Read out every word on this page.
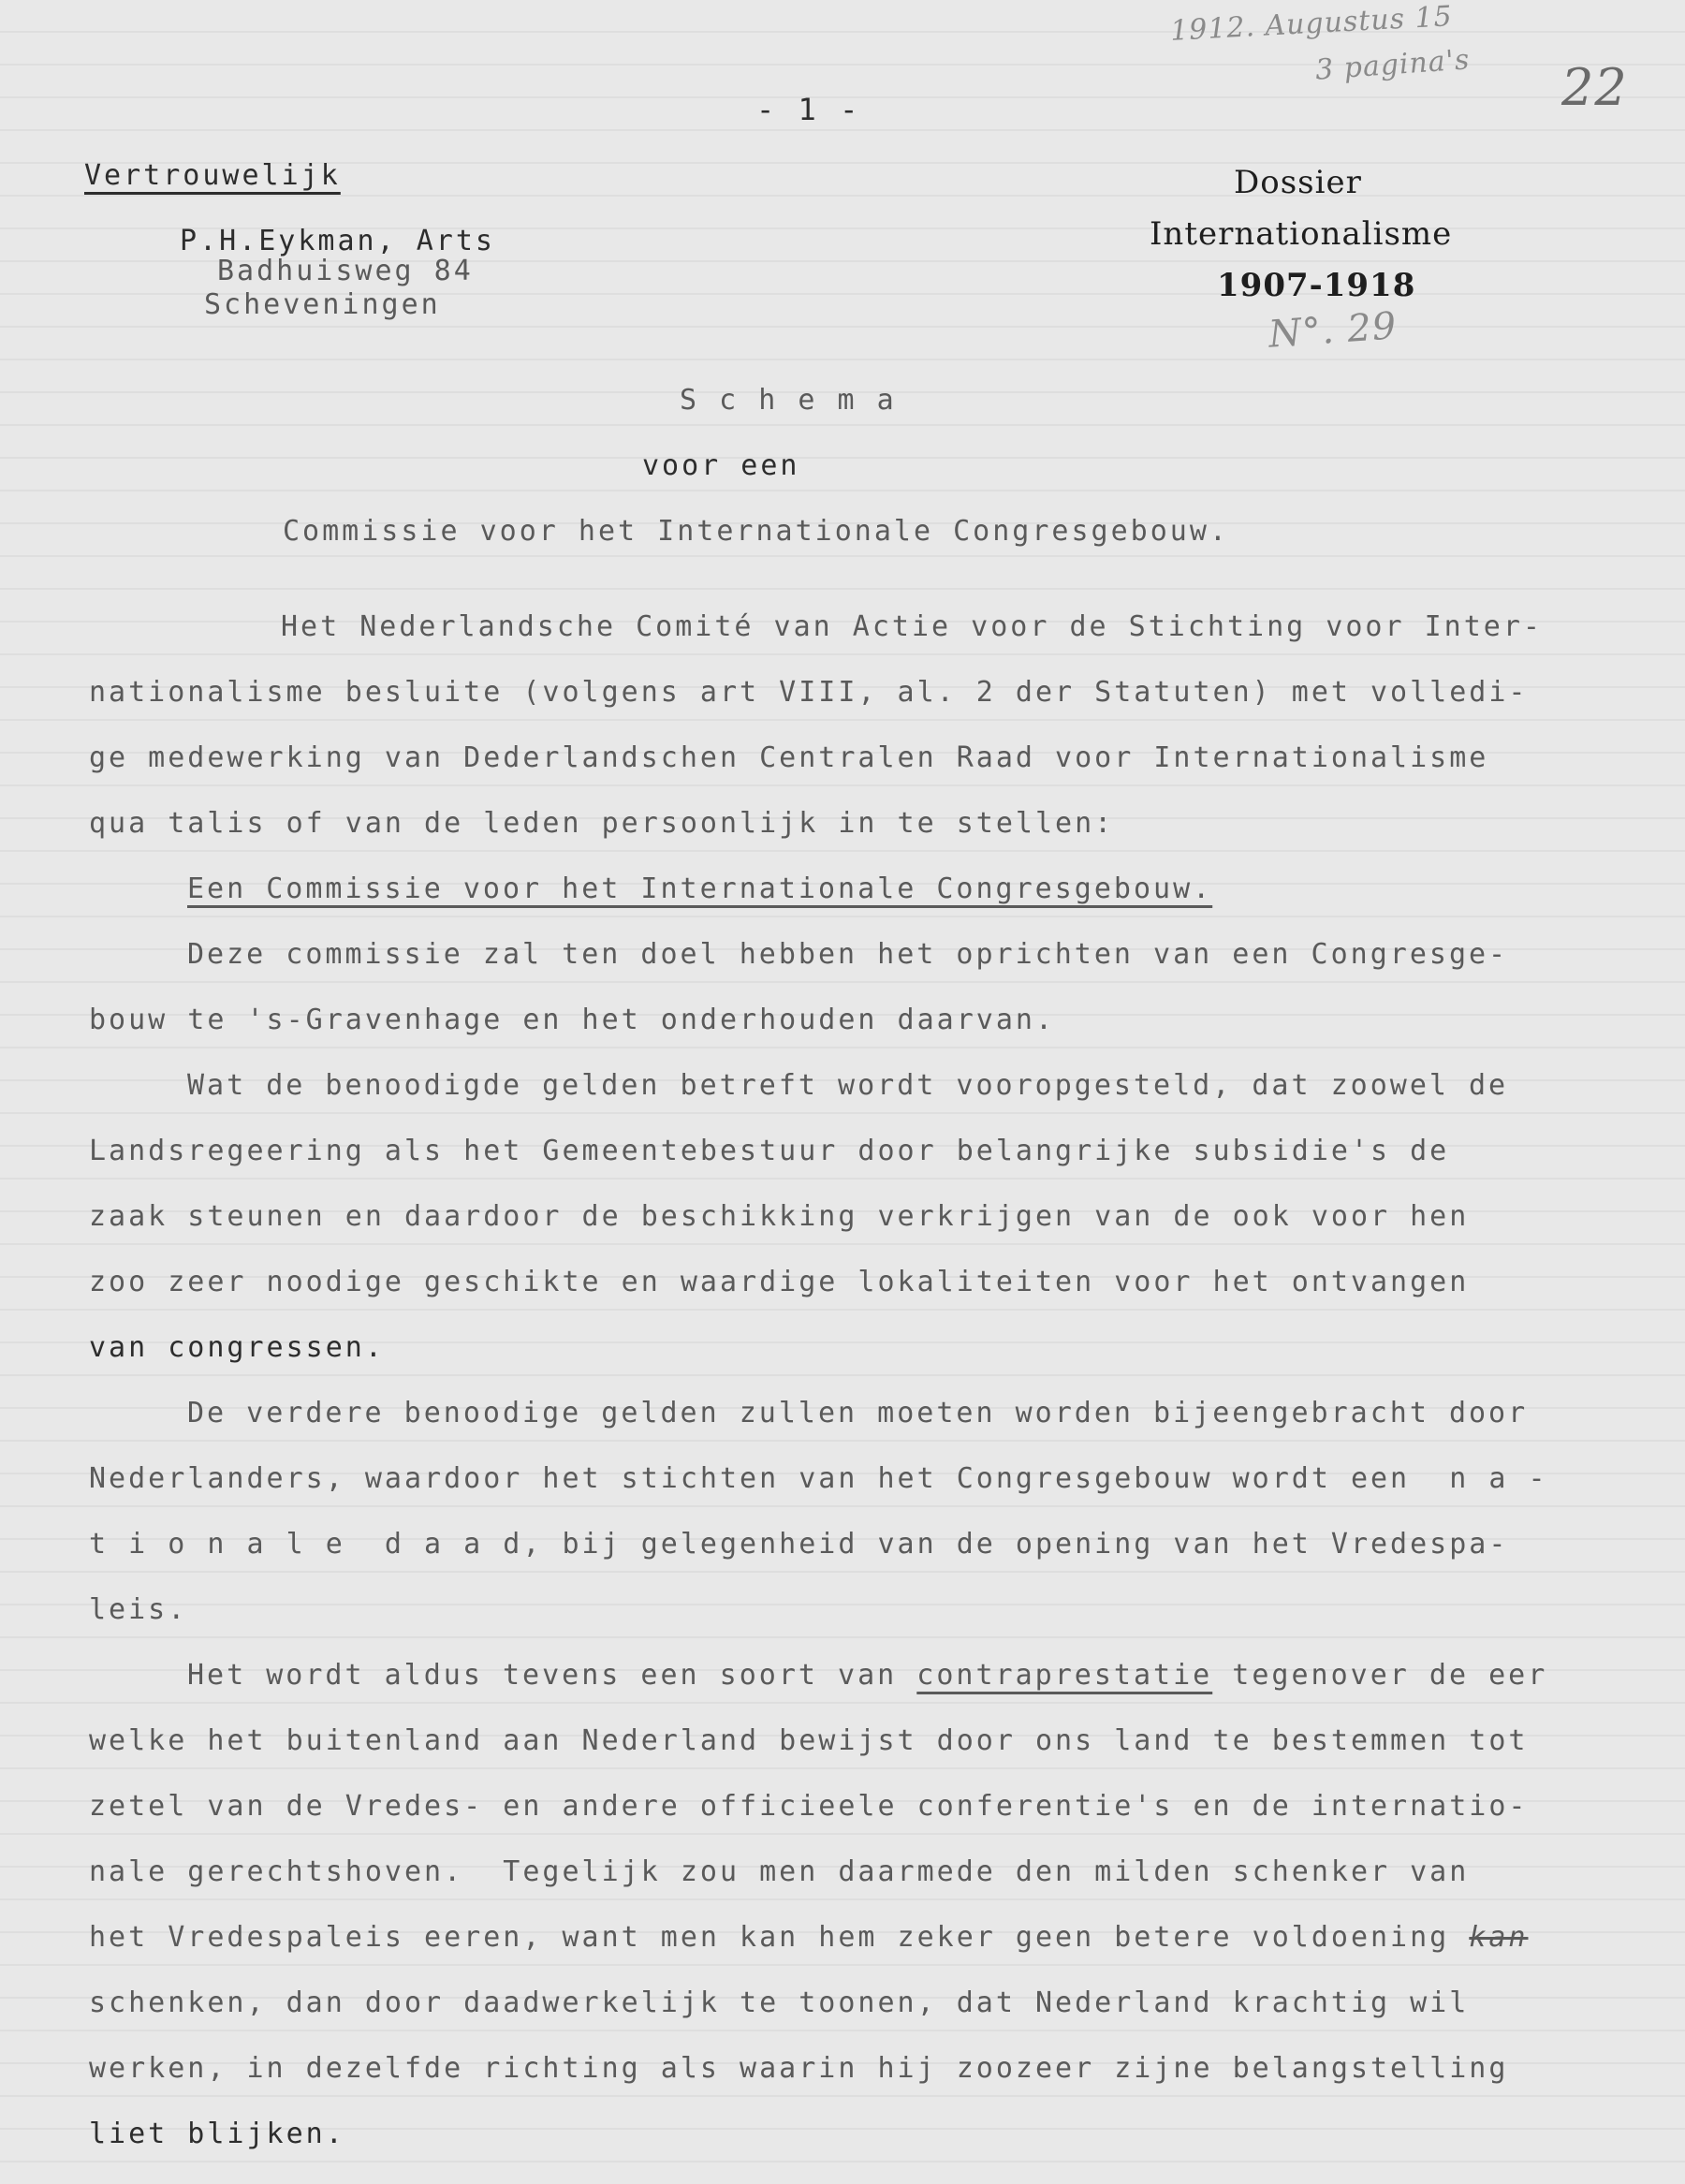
1912. Augustus 15
3 pagina's 22
N°. 29
- 1 -
Vertrouwelijk
P.H.Eykman, Arts
Badhuisweg 84
Scheveningen
Dossier
Internationalisme
1907-1918
S c h e m a
voor een
Commissie voor het Internationale Congresgebouw.
Het Nederlandsche Comité van Actie voor de Stichting voor Inter-
nationalisme besluite (volgens art VIII, al. 2 der Statuten) met volledi-
ge medewerking van Dederlandschen Centralen Raad voor Internationalisme
qua talis of van de leden persoonlijk in te stellen:
Een Commissie voor het Internationale Congresgebouw.
Deze commissie zal ten doel hebben het oprichten van een Congresge-
bouw te 's-Gravenhage en het onderhouden daarvan.
Wat de benoodigde gelden betreft wordt vooropgesteld, dat zoowel de
Landsregeering als het Gemeentebestuur door belangrijke subsidie's de
zaak steunen en daardoor de beschikking verkrijgen van de ook voor hen
zoo zeer noodige geschikte en waardige lokaliteiten voor het ontvangen
van congressen.
De verdere benoodige gelden zullen moeten worden bijeengebracht door
Nederlanders, waardoor het stichten van het Congresgebouw wordt een  n a -
t i o n a l e  d a a d, bij gelegenheid van de opening van het Vredespa-
leis.
Het wordt aldus tevens een soort van contraprestatie tegenover de eer
welke het buitenland aan Nederland bewijst door ons land te bestemmen tot
zetel van de Vredes- en andere officieele conferentie's en de internatio-
nale gerechtshoven.  Tegelijk zou men daarmede den milden schenker van
het Vredespaleis eeren, want men kan hem zeker geen betere voldoening kan
schenken, dan door daadwerkelijk te toonen, dat Nederland krachtig wil
werken, in dezelfde richting als waarin hij zoozeer zijne belangstelling
liet blijken.
